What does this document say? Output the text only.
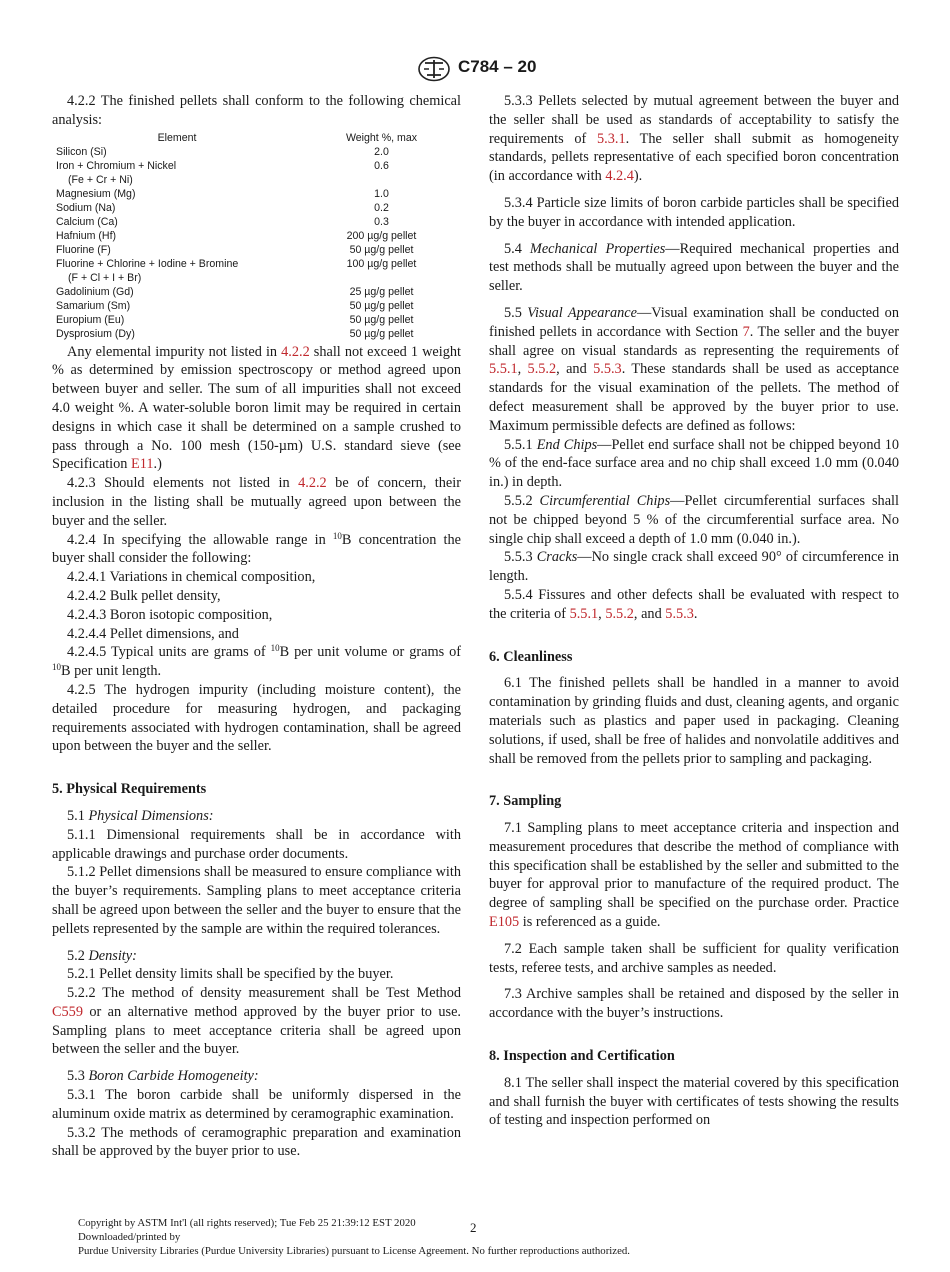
C784 – 20

4.2.2 The finished pellets shall conform to the following chemical analysis:

Element	Weight %, max
Silicon (Si)	2.0
Iron + Chromium + Nickel
(Fe + Cr + Ni)	0.6
Magnesium (Mg)	1.0
Sodium (Na)	0.2
Calcium (Ca)	0.3
Hafnium (Hf)	200 µg/g pellet
Fluorine (F)	50 µg/g pellet
Fluorine + Chlorine + Iodine + Bromine
(F + Cl + I + Br)	100 µg/g pellet
Gadolinium (Gd)	25 µg/g pellet
Samarium (Sm)	50 µg/g pellet
Europium (Eu)	50 µg/g pellet
Dysprosium (Dy)	50 µg/g pellet

Any elemental impurity not listed in 4.2.2 shall not exceed 1 weight % as determined by emission spectroscopy or method agreed upon between buyer and seller. The sum of all impurities shall not exceed 4.0 weight %. A water-soluble boron limit may be required in certain designs in which case it shall be determined on a sample crushed to pass through a No. 100 mesh (150-µm) U.S. standard sieve (see Specification E11.)

4.2.3 Should elements not listed in 4.2.2 be of concern, their inclusion in the listing shall be mutually agreed upon between the buyer and the seller.

4.2.4 In specifying the allowable range in $^{10}$B concentration the buyer shall consider the following:

4.2.4.1 Variations in chemical composition,

4.2.4.2 Bulk pellet density,

4.2.4.3 Boron isotopic composition,

4.2.4.4 Pellet dimensions, and

4.2.4.5 Typical units are grams of $^{10}$B per unit volume or grams of $^{10}$B per unit length.

4.2.5 The hydrogen impurity (including moisture content), the detailed procedure for measuring hydrogen, and packaging requirements associated with hydrogen contamination, shall be agreed upon between the buyer and the seller.

5. Physical Requirements

5.1 Physical Dimensions:

5.1.1 Dimensional requirements shall be in accordance with applicable drawings and purchase order documents.

5.1.2 Pellet dimensions shall be measured to ensure compliance with the buyer’s requirements. Sampling plans to meet acceptance criteria shall be agreed upon between the seller and the buyer to ensure that the pellets represented by the sample are within the required tolerances.

5.2 Density:

5.2.1 Pellet density limits shall be specified by the buyer.

5.2.2 The method of density measurement shall be Test Method C559 or an alternative method approved by the buyer prior to use. Sampling plans to meet acceptance criteria shall be agreed upon between the seller and the buyer.

5.3 Boron Carbide Homogeneity:

5.3.1 The boron carbide shall be uniformly dispersed in the aluminum oxide matrix as determined by ceramographic examination.

5.3.2 The methods of ceramographic preparation and examination shall be approved by the buyer prior to use.

5.3.3 Pellets selected by mutual agreement between the buyer and the seller shall be used as standards of acceptability to satisfy the requirements of 5.3.1. The seller shall submit as homogeneity standards, pellets representative of each specified boron concentration (in accordance with 4.2.4).

5.3.4 Particle size limits of boron carbide particles shall be specified by the buyer in accordance with intended application.

5.4 Mechanical Properties—Required mechanical properties and test methods shall be mutually agreed upon between the buyer and the seller.

5.5 Visual Appearance—Visual examination shall be conducted on finished pellets in accordance with Section 7. The seller and the buyer shall agree on visual standards as representing the requirements of 5.5.1, 5.5.2, and 5.5.3. These standards shall be used as acceptance standards for the visual examination of the pellets. The method of defect measurement shall be approved by the buyer prior to use. Maximum permissible defects are defined as follows:

5.5.1 End Chips—Pellet end surface shall not be chipped beyond 10 % of the end-face surface area and no chip shall exceed 1.0 mm (0.040 in.) in depth.

5.5.2 Circumferential Chips—Pellet circumferential surfaces shall not be chipped beyond 5 % of the circumferential surface area. No single chip shall exceed a depth of 1.0 mm (0.040 in.).

5.5.3 Cracks—No single crack shall exceed 90° of circumference in length.

5.5.4 Fissures and other defects shall be evaluated with respect to the criteria of 5.5.1, 5.5.2, and 5.5.3.

6. Cleanliness

6.1 The finished pellets shall be handled in a manner to avoid contamination by grinding fluids and dust, cleaning agents, and organic materials such as plastics and paper used in packaging. Cleaning solutions, if used, shall be free of halides and nonvolatile additives and shall be removed from the pellets prior to sampling and packaging.

7. Sampling

7.1 Sampling plans to meet acceptance criteria and inspection and measurement procedures that describe the method of compliance with this specification shall be established by the seller and submitted to the buyer for approval prior to manufacture of the required product. The degree of sampling shall be specified on the purchase order. Practice E105 is referenced as a guide.

7.2 Each sample taken shall be sufficient for quality verification tests, referee tests, and archive samples as needed.

7.3 Archive samples shall be retained and disposed by the seller in accordance with the buyer’s instructions.

8. Inspection and Certification

8.1 The seller shall inspect the material covered by this specification and shall furnish the buyer with certificates of tests showing the results of testing and inspection performed on

2
Copyright by ASTM Int'l (all rights reserved); Tue Feb 25 21:39:12 EST 2020
Downloaded/printed by
Purdue University Libraries (Purdue University Libraries) pursuant to License Agreement. No further reproductions authorized.
